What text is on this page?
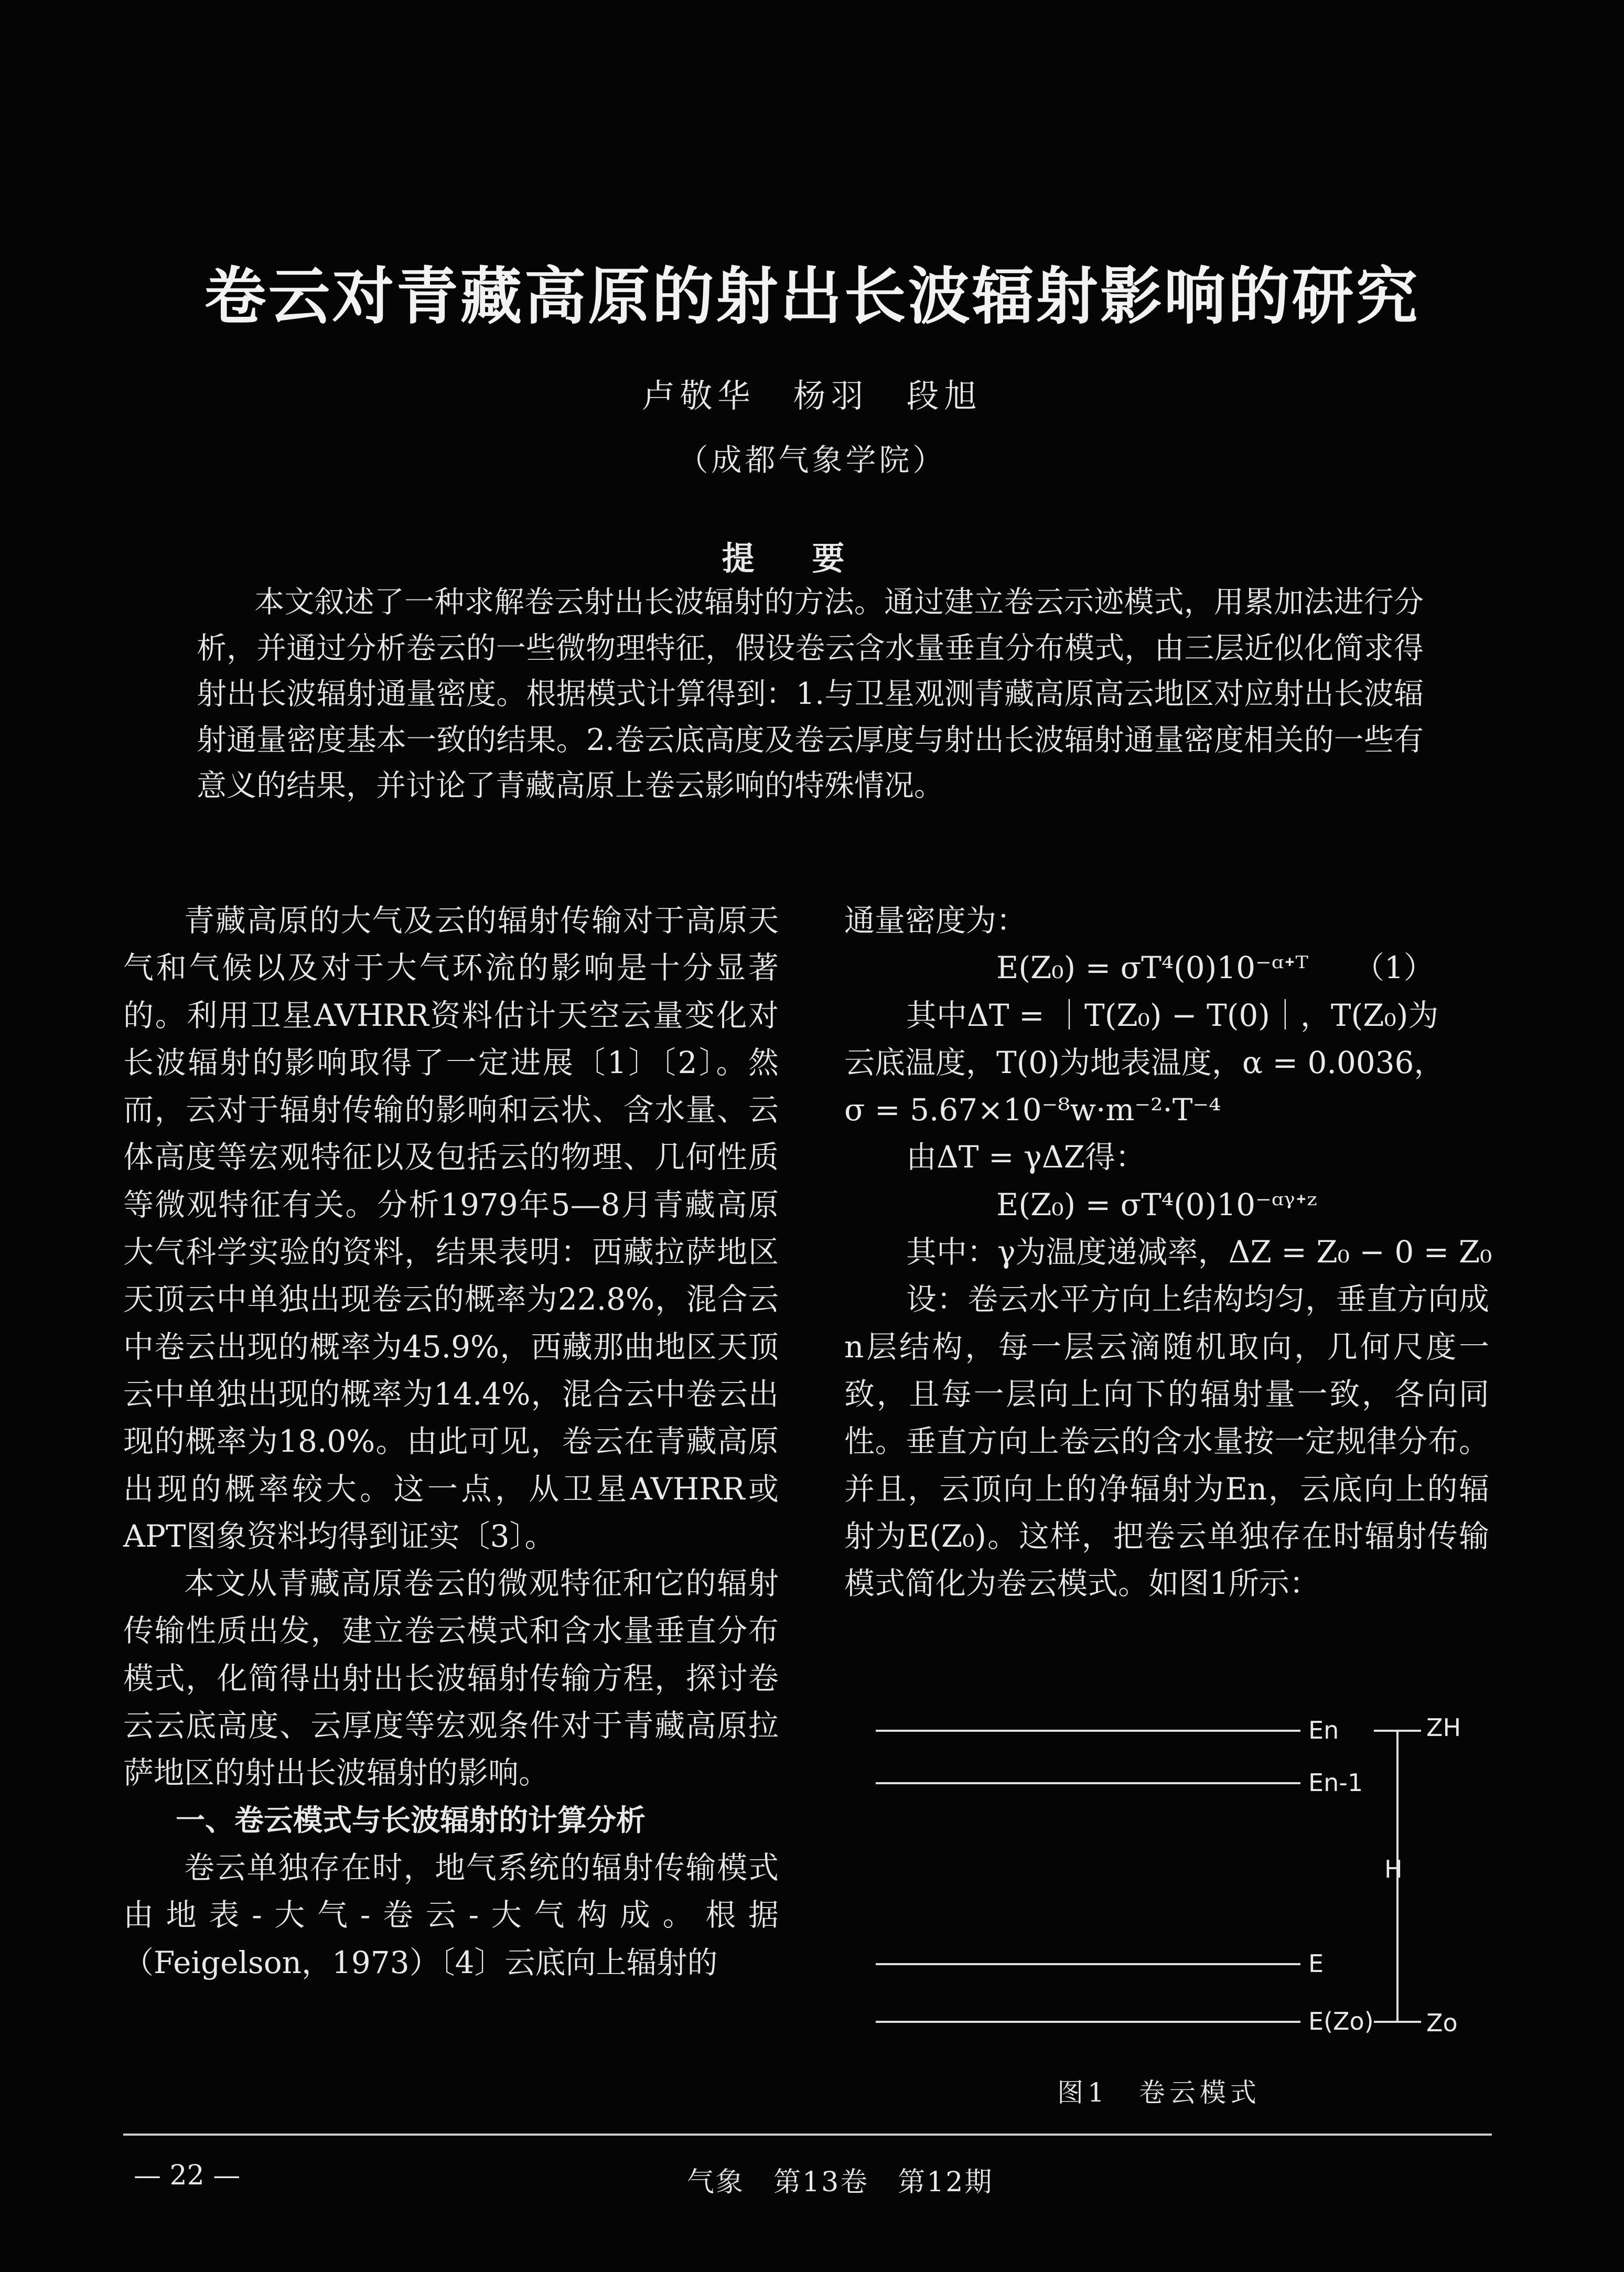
卷云对青藏高原的射出长波辐射影响的研究
卢敬华　杨羽　段旭
（成都气象学院）
提要
本文叙述了一种求解卷云射出长波辐射的方法。通过建立卷云示迹模式，用累加法进行分析，并通过分析卷云的一些微物理特征，假设卷云含水量垂直分布模式，由三层近似化简求得射出长波辐射通量密度。根据模式计算得到：1.与卫星观测青藏高原高云地区对应射出长波辐射通量密度基本一致的结果。2.卷云底高度及卷云厚度与射出长波辐射通量密度相关的一些有意义的结果，并讨论了青藏高原上卷云影响的特殊情况。

青藏高原的大气及云的辐射传输对于高原天气和气候以及对于大气环流的影响是十分显著的。利用卫星AVHRR资料估计天空云量变化对长波辐射的影响取得了一定进展〔1〕〔2〕。然而，云对于辐射传输的影响和云状、含水量、云体高度等宏观特征以及包括云的物理、几何性质等微观特征有关。分析1979年5—8月青藏高原大气科学实验的资料，结果表明：西藏拉萨地区天顶云中单独出现卷云的概率为22.8%，混合云中卷云出现的概率为45.9%，西藏那曲地区天顶云中单独出现的概率为14.4%，混合云中卷云出现的概率为18.0%。由此可见，卷云在青藏高原出现的概率较大。这一点，从卫星AVHRR或APT图象资料均得到证实〔3〕。

本文从青藏高原卷云的微观特征和它的辐射传输性质出发，建立卷云模式和含水量垂直分布模式，化简得出射出长波辐射传输方程，探讨卷云云底高度、云厚度等宏观条件对于青藏高原拉萨地区的射出长波辐射的影响。

一、卷云模式与长波辐射的计算分析

卷云单独存在时，地气系统的辐射传输模式由地表-大气-卷云-大气构成。根据（Feigelson，1973）〔4〕云底向上辐射的

通量密度为：
E(Z₀) = σT⁴(0)10⁻ᵅᐩᵀ　　（1）
其中ΔT = ｜T(Z₀) − T(0)｜，T(Z₀)为
云底温度，T(0)为地表温度，α = 0.0036，
σ = 5.67×10⁻⁸w·m⁻²·T⁻⁴
由ΔT = γΔZ得：
E(Z₀) = σT⁴(0)10⁻ᵅᵞᐩᶻ
其中：γ为温度递减率，ΔZ = Z₀ − 0 = Z₀

设：卷云水平方向上结构均匀，垂直方向成n层结构，每一层云滴随机取向，几何尺度一致，且每一层向上向下的辐射量一致，各向同性。垂直方向上卷云的含水量按一定规律分布。并且，云顶向上的净辐射为En，云底向上的辐射为E(Z₀)。这样，把卷云单独存在时辐射传输模式简化为卷云模式。如图1所示：

En
En-1
E
E(Zo)
ZH
H
Zo
图1　卷云模式
— 22 —	气象　第13卷　第12期
